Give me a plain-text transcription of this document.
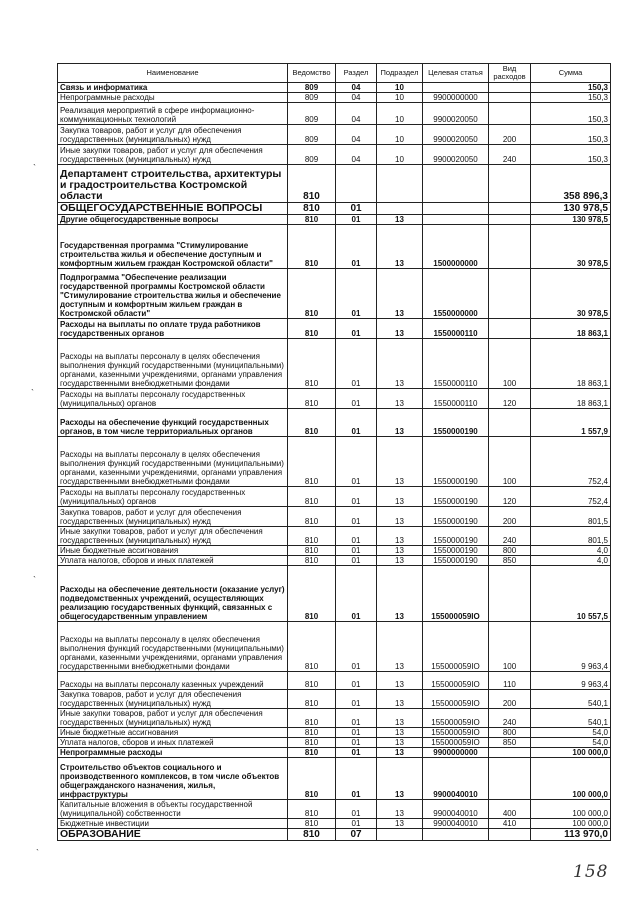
Наименование	Ведомство	Раздел	Подраздел	Целевая статья	Вид расходов	Сумма
Связь и информатика	809	04	10			150,3
Непрограммные расходы	809	04	10	9900000000		150,3
Реализация мероприятий в сфере информационно-коммуникационных технологий	809	04	10	9900020050		150,3
Закупка товаров, работ и услуг для обеспечения государственных (муниципальных) нужд	809	04	10	9900020050	200	150,3
Иные закупки товаров, работ и услуг для обеспечения государственных (муниципальных) нужд	809	04	10	9900020050	240	150,3
Департамент строительства, архитектуры и градостроительства Костромской области	810					358 896,3
ОБЩЕГОСУДАРСТВЕННЫЕ ВОПРОСЫ	810	01				130 978,5
Другие общегосударственные вопросы	810	01	13			130 978,5
Государственная программа "Стимулирование строительства жилья и обеспечение доступным и комфортным жильем граждан Костромской области"	810	01	13	1500000000		30 978,5
Подпрограмма "Обеспечение реализации государственной программы Костромской области "Стимулирование строительства жилья и обеспечение доступным и комфортным жильем граждан в Костромской области"	810	01	13	1550000000		30 978,5
Расходы на выплаты по оплате труда работников государственных органов	810	01	13	1550000110		18 863,1
Расходы на выплаты персоналу в целях обеспечения выполнения функций государственными (муниципальными) органами, казенными учреждениями, органами управления государственными внебюджетными фондами	810	01	13	1550000110	100	18 863,1
Расходы на выплаты персоналу государственных (муниципальных) органов	810	01	13	1550000110	120	18 863,1
Расходы на обеспечение функций государственных органов, в том числе территориальных органов	810	01	13	1550000190		1 557,9
Расходы на выплаты персоналу в целях обеспечения выполнения функций государственными (муниципальными) органами, казенными учреждениями, органами управления государственными внебюджетными фондами	810	01	13	1550000190	100	752,4
Расходы на выплаты персоналу государственных (муниципальных) органов	810	01	13	1550000190	120	752,4
Закупка товаров, работ и услуг для обеспечения государственных (муниципальных) нужд	810	01	13	1550000190	200	801,5
Иные закупки товаров, работ и услуг для обеспечения государственных (муниципальных) нужд	810	01	13	1550000190	240	801,5
Иные бюджетные ассигнования	810	01	13	1550000190	800	4,0
Уплата налогов, сборов и иных платежей	810	01	13	1550000190	850	4,0
Расходы на обеспечение деятельности (оказание услуг) подведомственных учреждений, осуществляющих реализацию государственных функций, связанных с общегосударственным управлением	810	01	13	155000059IO		10 557,5
Расходы на выплаты персоналу в целях обеспечения выполнения функций государственными (муниципальными) органами, казенными учреждениями, органами управления государственными внебюджетными фондами	810	01	13	155000059IO	100	9 963,4
Расходы на выплаты персоналу казенных учреждений	810	01	13	155000059IO	110	9 963,4
Закупка товаров, работ и услуг для обеспечения государственных (муниципальных) нужд	810	01	13	155000059IO	200	540,1
Иные закупки товаров, работ и услуг для обеспечения государственных (муниципальных) нужд	810	01	13	155000059IO	240	540,1
Иные бюджетные ассигнования	810	01	13	155000059IO	800	54,0
Уплата налогов, сборов и иных платежей	810	01	13	155000059IO	850	54,0
Непрограммные расходы	810	01	13	9900000000		100 000,0
Строительство объектов социального и производственного комплексов, в том числе объектов общегражданского назначения, жилья, инфраструктуры	810	01	13	9900040010		100 000,0
Капитальные вложения в объекты государственной (муниципальной) собственности	810	01	13	9900040010	400	100 000,0
Бюджетные инвестиции	810	01	13	9900040010	410	100 000,0
ОБРАЗОВАНИЕ	810	07				113 970,0
`
`
`
`
158
